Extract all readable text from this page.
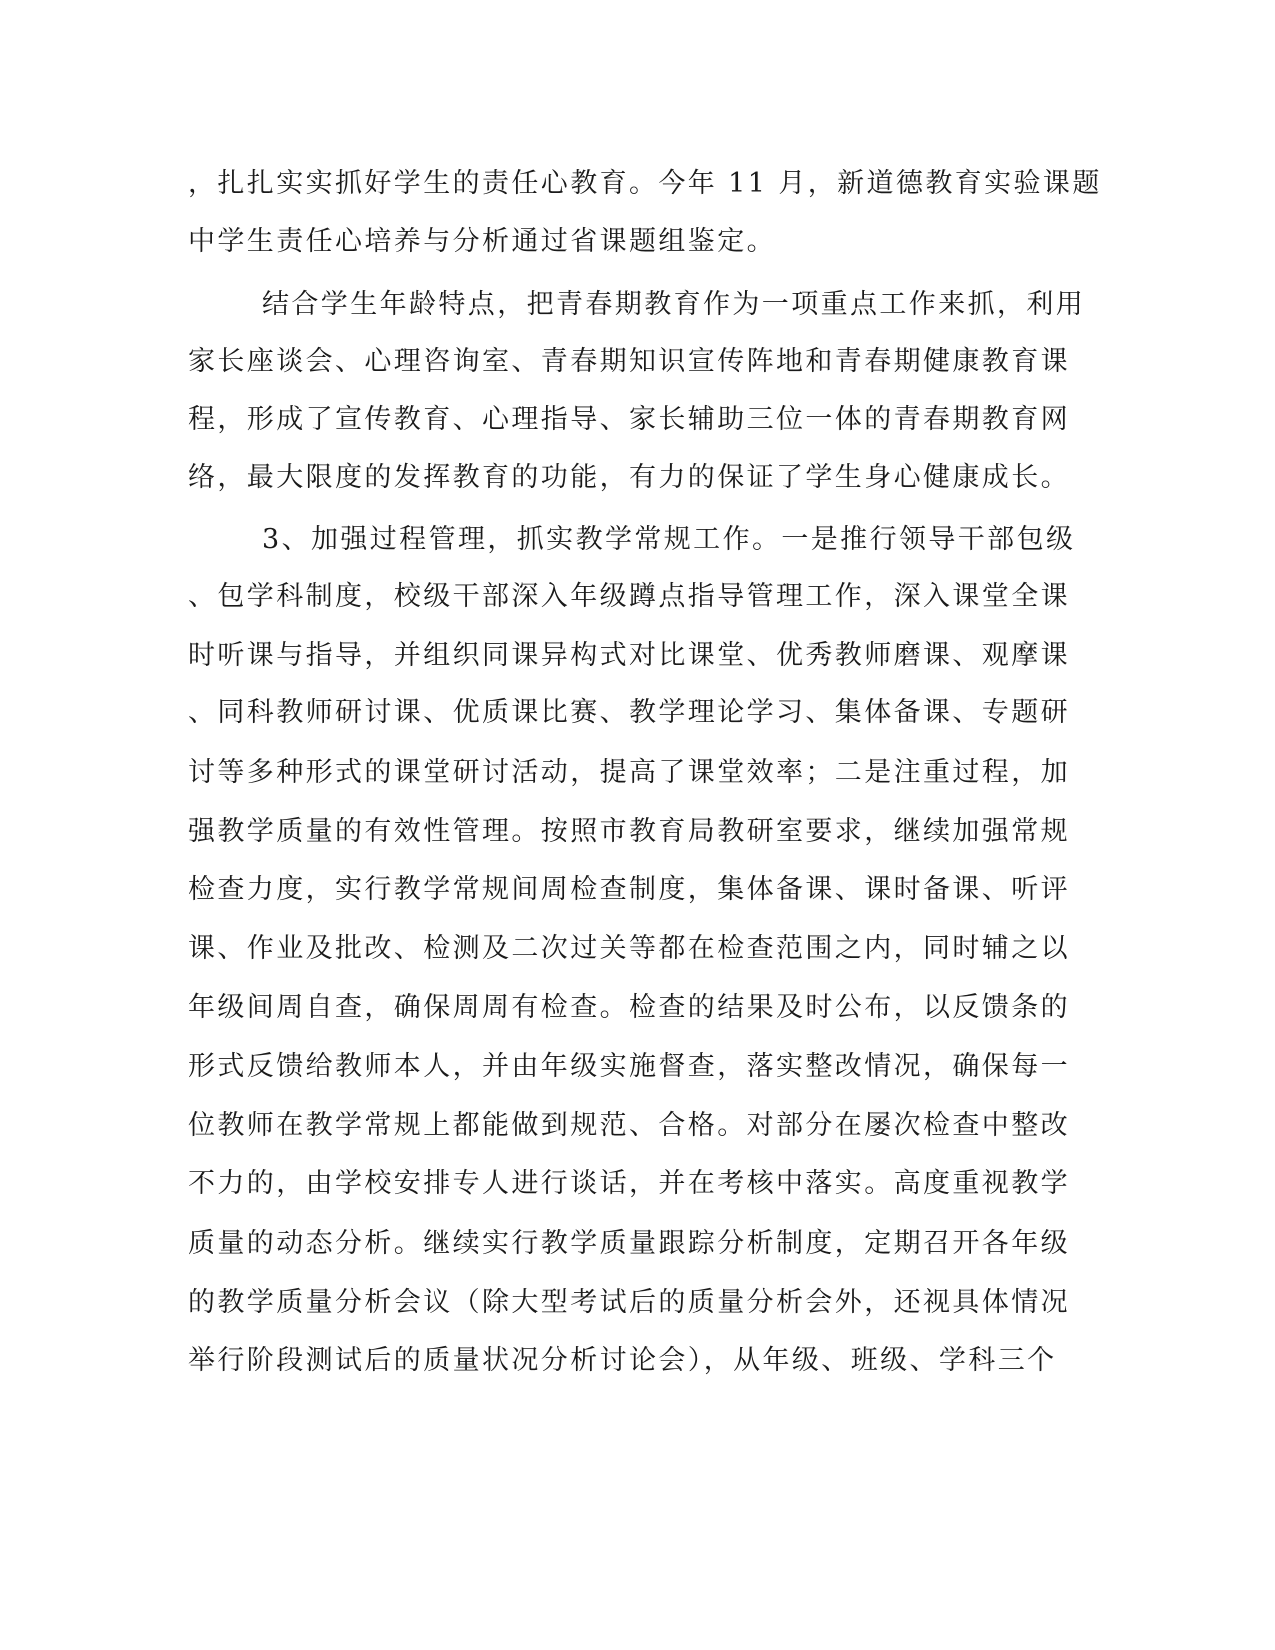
，扎扎实实抓好学生的责任心教育。今年 11 月，新道德教育实验课题
中学生责任心培养与分析通过省课题组鉴定。
结合学生年龄特点，把青春期教育作为一项重点工作来抓，利用
家长座谈会、心理咨询室、青春期知识宣传阵地和青春期健康教育课
程，形成了宣传教育、心理指导、家长辅助三位一体的青春期教育网
络，最大限度的发挥教育的功能，有力的保证了学生身心健康成长。
3、加强过程管理，抓实教学常规工作。一是推行领导干部包级
、包学科制度，校级干部深入年级蹲点指导管理工作，深入课堂全课
时听课与指导，并组织同课异构式对比课堂、优秀教师磨课、观摩课
、同科教师研讨课、优质课比赛、教学理论学习、集体备课、专题研
讨等多种形式的课堂研讨活动，提高了课堂效率；二是注重过程，加
强教学质量的有效性管理。按照市教育局教研室要求，继续加强常规
检查力度，实行教学常规间周检查制度，集体备课、课时备课、听评
课、作业及批改、检测及二次过关等都在检查范围之内，同时辅之以
年级间周自查，确保周周有检查。检查的结果及时公布，以反馈条的
形式反馈给教师本人，并由年级实施督查，落实整改情况，确保每一
位教师在教学常规上都能做到规范、合格。对部分在屡次检查中整改
不力的，由学校安排专人进行谈话，并在考核中落实。高度重视教学
质量的动态分析。继续实行教学质量跟踪分析制度，定期召开各年级
的教学质量分析会议（除大型考试后的质量分析会外，还视具体情况
举行阶段测试后的质量状况分析讨论会），从年级、班级、学科三个
